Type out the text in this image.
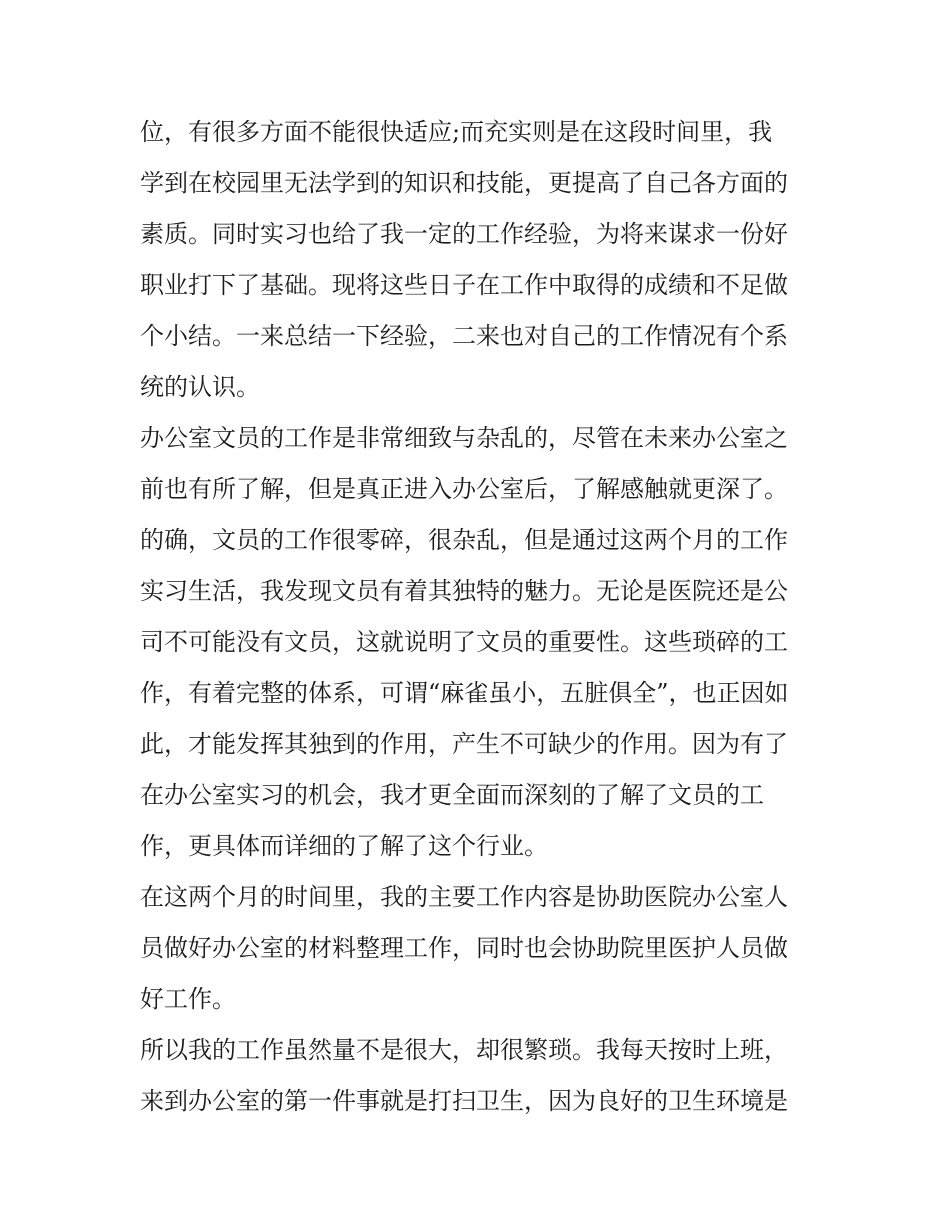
位，有很多方面不能很快适应;而充实则是在这段时间里，我
学到在校园里无法学到的知识和技能，更提高了自己各方面的
素质。同时实习也给了我一定的工作经验，为将来谋求一份好
职业打下了基础。现将这些日子在工作中取得的成绩和不足做
个小结。一来总结一下经验，二来也对自己的工作情况有个系
统的认识。

办公室文员的工作是非常细致与杂乱的，尽管在未来办公室之
前也有所了解，但是真正进入办公室后，了解感触就更深了。
的确，文员的工作很零碎，很杂乱，但是通过这两个月的工作
实习生活，我发现文员有着其独特的魅力。无论是医院还是公
司不可能没有文员，这就说明了文员的重要性。这些琐碎的工
作，有着完整的体系，可谓“麻雀虽小，五脏俱全”，也正因如
此，才能发挥其独到的作用，产生不可缺少的作用。因为有了
在办公室实习的机会，我才更全面而深刻的了解了文员的工
作，更具体而详细的了解了这个行业。

在这两个月的时间里，我的主要工作内容是协助医院办公室人
员做好办公室的材料整理工作，同时也会协助院里医护人员做
好工作。

所以我的工作虽然量不是很大，却很繁琐。我每天按时上班，
来到办公室的第一件事就是打扫卫生，因为良好的卫生环境是
